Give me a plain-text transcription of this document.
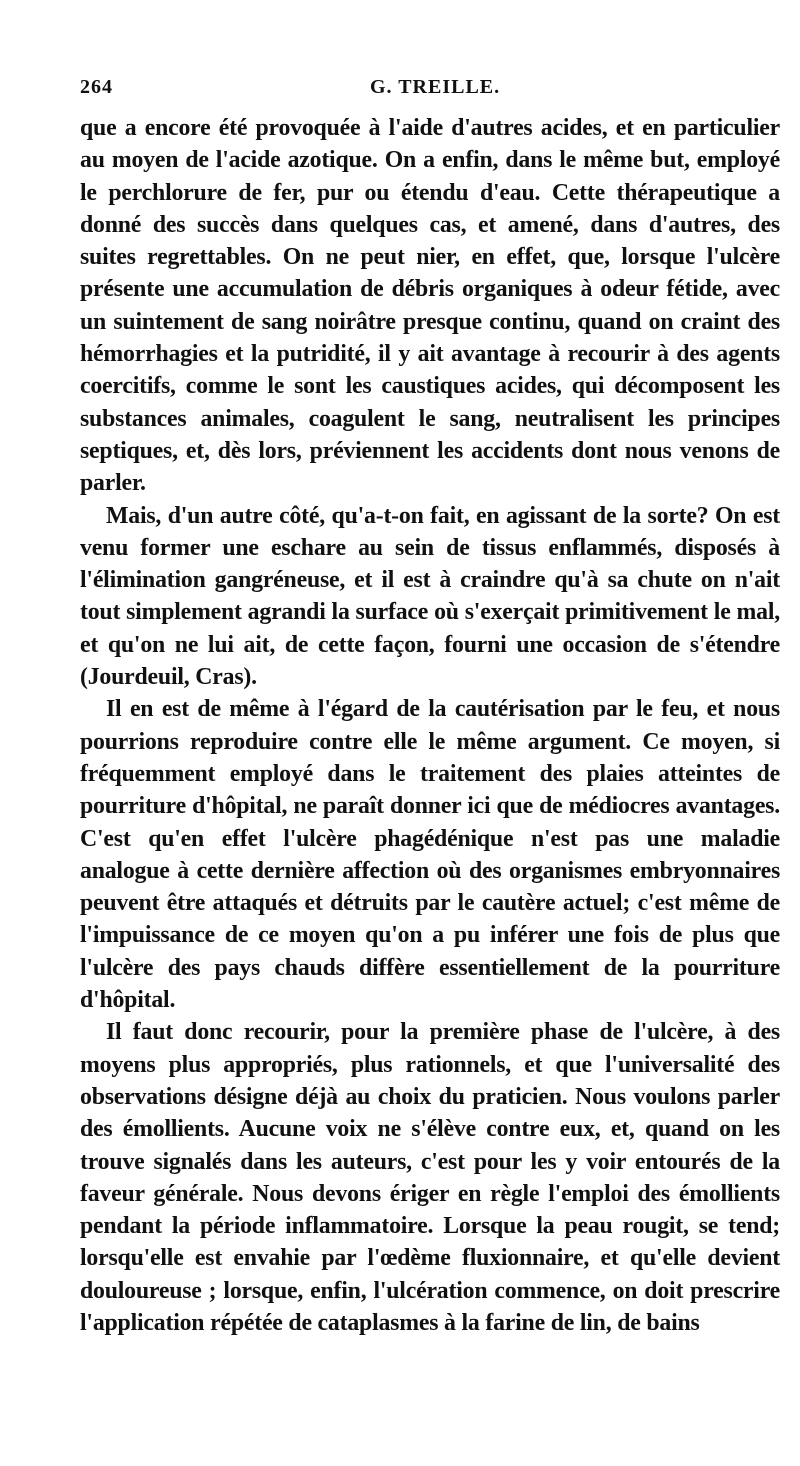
264	G. TREILLE.

que a encore été provoquée à l'aide d'autres acides, et en particulier au moyen de l'acide azotique. On a enfin, dans le même but, employé le perchlorure de fer, pur ou étendu d'eau. Cette thérapeutique a donné des succès dans quelques cas, et amené, dans d'autres, des suites regrettables. On ne peut nier, en effet, que, lorsque l'ulcère présente une accumulation de débris organiques à odeur fétide, avec un suintement de sang noirâtre presque continu, quand on craint des hémorrhagies et la putridité, il y ait avantage à recourir à des agents coercitifs, comme le sont les caustiques acides, qui décomposent les substances animales, coagulent le sang, neutralisent les principes septiques, et, dès lors, préviennent les accidents dont nous venons de parler.

Mais, d'un autre côté, qu'a-t-on fait, en agissant de la sorte? On est venu former une eschare au sein de tissus enflammés, disposés à l'élimination gangréneuse, et il est à craindre qu'à sa chute on n'ait tout simplement agrandi la surface où s'exerçait primitivement le mal, et qu'on ne lui ait, de cette façon, fourni une occasion de s'étendre (Jourdeuil, Cras).

Il en est de même à l'égard de la cautérisation par le feu, et nous pourrions reproduire contre elle le même argument. Ce moyen, si fréquemment employé dans le traitement des plaies atteintes de pourriture d'hôpital, ne paraît donner ici que de médiocres avantages. C'est qu'en effet l'ulcère phagédénique n'est pas une maladie analogue à cette dernière affection où des organismes embryonnaires peuvent être attaqués et détruits par le cautère actuel; c'est même de l'impuissance de ce moyen qu'on a pu inférer une fois de plus que l'ulcère des pays chauds diffère essentiellement de la pourriture d'hôpital.

Il faut donc recourir, pour la première phase de l'ulcère, à des moyens plus appropriés, plus rationnels, et que l'universalité des observations désigne déjà au choix du praticien. Nous voulons parler des émollients. Aucune voix ne s'élève contre eux, et, quand on les trouve signalés dans les auteurs, c'est pour les y voir entourés de la faveur générale. Nous devons ériger en règle l'emploi des émollients pendant la période inflammatoire. Lorsque la peau rougit, se tend; lorsqu'elle est envahie par l'œdème fluxionnaire, et qu'elle devient douloureuse ; lorsque, enfin, l'ulcération commence, on doit prescrire l'application répétée de cataplasmes à la farine de lin, de bains
